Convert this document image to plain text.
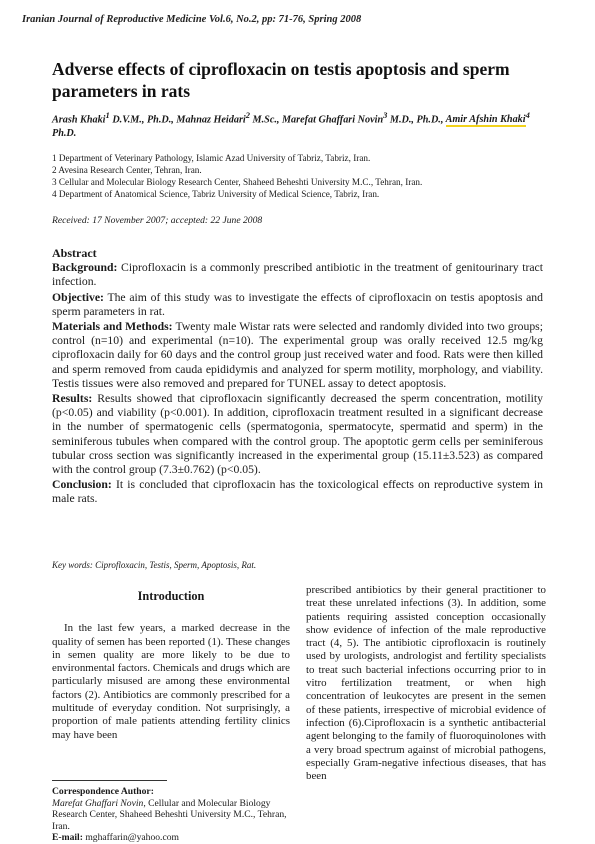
Iranian Journal of Reproductive Medicine Vol.6, No.2, pp: 71-76, Spring 2008
Adverse effects of ciprofloxacin on testis apoptosis and sperm parameters in rats
Arash Khaki$^1$ D.V.M., Ph.D., Mahnaz Heidari$^2$ M.Sc., Marefat Ghaffari Novin$^3$ M.D., Ph.D., Amir Afshin Khaki$^4$ Ph.D.
1 Department of Veterinary Pathology, Islamic Azad University of Tabriz, Tabriz, Iran.
2 Avesina Research Center, Tehran, Iran.
3 Cellular and Molecular Biology Research Center, Shaheed Beheshti University M.C., Tehran, Iran.
4 Department of Anatomical Science, Tabriz University of Medical Science, Tabriz, Iran.
Received: 17 November 2007; accepted: 22 June 2008
Abstract

Background: Ciprofloxacin is a commonly prescribed antibiotic in the treatment of genitourinary tract infection.

Objective: The aim of this study was to investigate the effects of ciprofloxacin on testis apoptosis and sperm parameters in rat.

Materials and Methods: Twenty male Wistar rats were selected and randomly divided into two groups; control (n=10) and experimental (n=10). The experimental group was orally received 12.5 mg/kg ciprofloxacin daily for 60 days and the control group just received water and food. Rats were then killed and sperm removed from cauda epididymis and analyzed for sperm motility, morphology, and viability. Testis tissues were also removed and prepared for TUNEL assay to detect apoptosis.

Results: Results showed that ciprofloxacin significantly decreased the sperm concentration, motility (p<0.05) and viability (p<0.001). In addition, ciprofloxacin treatment resulted in a significant decrease in the number of spermatogenic cells (spermatogonia, spermatocyte, spermatid and sperm) in the seminiferous tubules when compared with the control group. The apoptotic germ cells per seminiferous tubular cross section was significantly increased in the experimental group (15.11±3.523) as compared with the control group (7.3±0.762) (p<0.05).

Conclusion: It is concluded that ciprofloxacin has the toxicological effects on reproductive system in male rats.

Key words: Ciprofloxacin, Testis, Sperm, Apoptosis, Rat.
Introduction

In the last few years, a marked decrease in the quality of semen has been reported (1). These changes in semen quality are more likely to be due to environmental factors. Chemicals and drugs which are particularly misused are among these environmental factors (2). Antibiotics are commonly prescribed for a multitude of everyday condition. Not surprisingly, a proportion of male patients attending fertility clinics may have been

Correspondence Author:
Marefat Ghaffari Novin, Cellular and Molecular Biology Research Center, Shaheed Beheshti University M.C., Tehran, Iran.
E-mail: mghaffarin@yahoo.com

prescribed antibiotics by their general practitioner to treat these unrelated infections (3). In addition, some patients requiring assisted conception occasionally show evidence of infection of the male reproductive tract (4, 5). The antibiotic ciprofloxacin is routinely used by urologists, andrologist and fertility specialists to treat such bacterial infections occurring prior to in vitro fertilization treatment, or when high concentration of leukocytes are present in the semen of these patients, irrespective of microbial evidence of infection (6).Ciprofloxacin is a synthetic antibacterial agent belonging to the family of fluoroquinolones with a very broad spectrum against of microbial pathogens, especially Gram-negative infectious diseases, that has been
